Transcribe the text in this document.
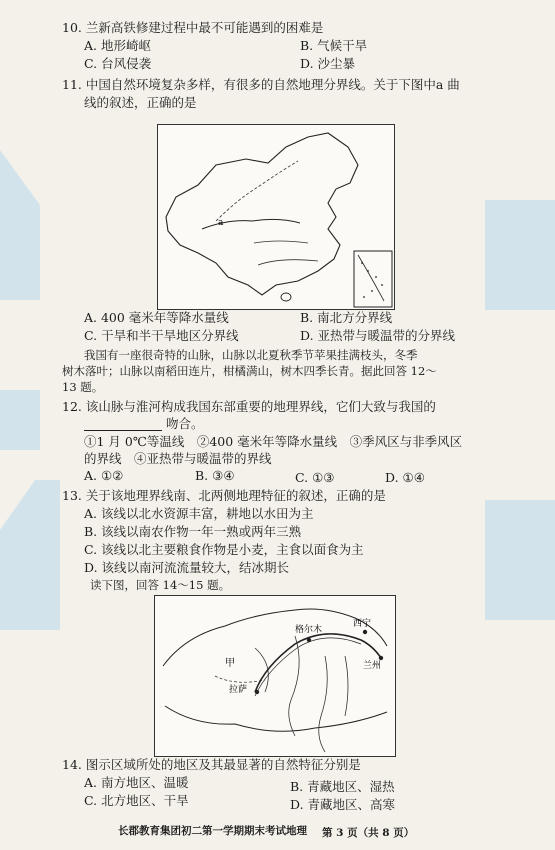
10. 兰新高铁修建过程中最不可能遇到的困难是
A. 地形崎岖	B. 气候干旱
C. 台风侵袭	D. 沙尘暴
11. 中国自然环境复杂多样，有很多的自然地理分界线。关于下图中a 曲
线的叙述，正确的是
a
A. 400 毫米年等降水量线	B. 南北方分界线
C. 干旱和半干旱地区分界线	D. 亚热带与暖温带的分界线
我国有一座很奇特的山脉，山脉以北夏秋季节苹果挂满枝头，冬季
树木落叶；山脉以南稻田连片，柑橘满山，树木四季长青。据此回答 12～
13 题。
12. 该山脉与淮河构成我国东部重要的地理界线，它们大致与我国的
吻合。
①1 月 0℃等温线　②400 毫米年等降水量线　③季风区与非季风区
的界线　④亚热带与暖温带的界线
A. ①②	B. ③④	C. ①③	D. ①④
13. 关于该地理界线南、北两侧地理特征的叙述，正确的是
A. 该线以北水资源丰富，耕地以水田为主
B. 该线以南农作物一年一熟或两年三熟
C. 该线以北主要粮食作物是小麦，主食以面食为主
D. 该线以南河流流量较大，结冰期长
读下图，回答 14～15 题。
西宁
格尔木
兰州
甲
拉萨
14. 图示区域所处的地区及其最显著的自然特征分别是
A. 南方地区、温暖	B. 青藏地区、湿热
C. 北方地区、干旱	D. 青藏地区、高寒
长郡教育集团初二第一学期期末考试地理 第 3 页（共 8 页）
